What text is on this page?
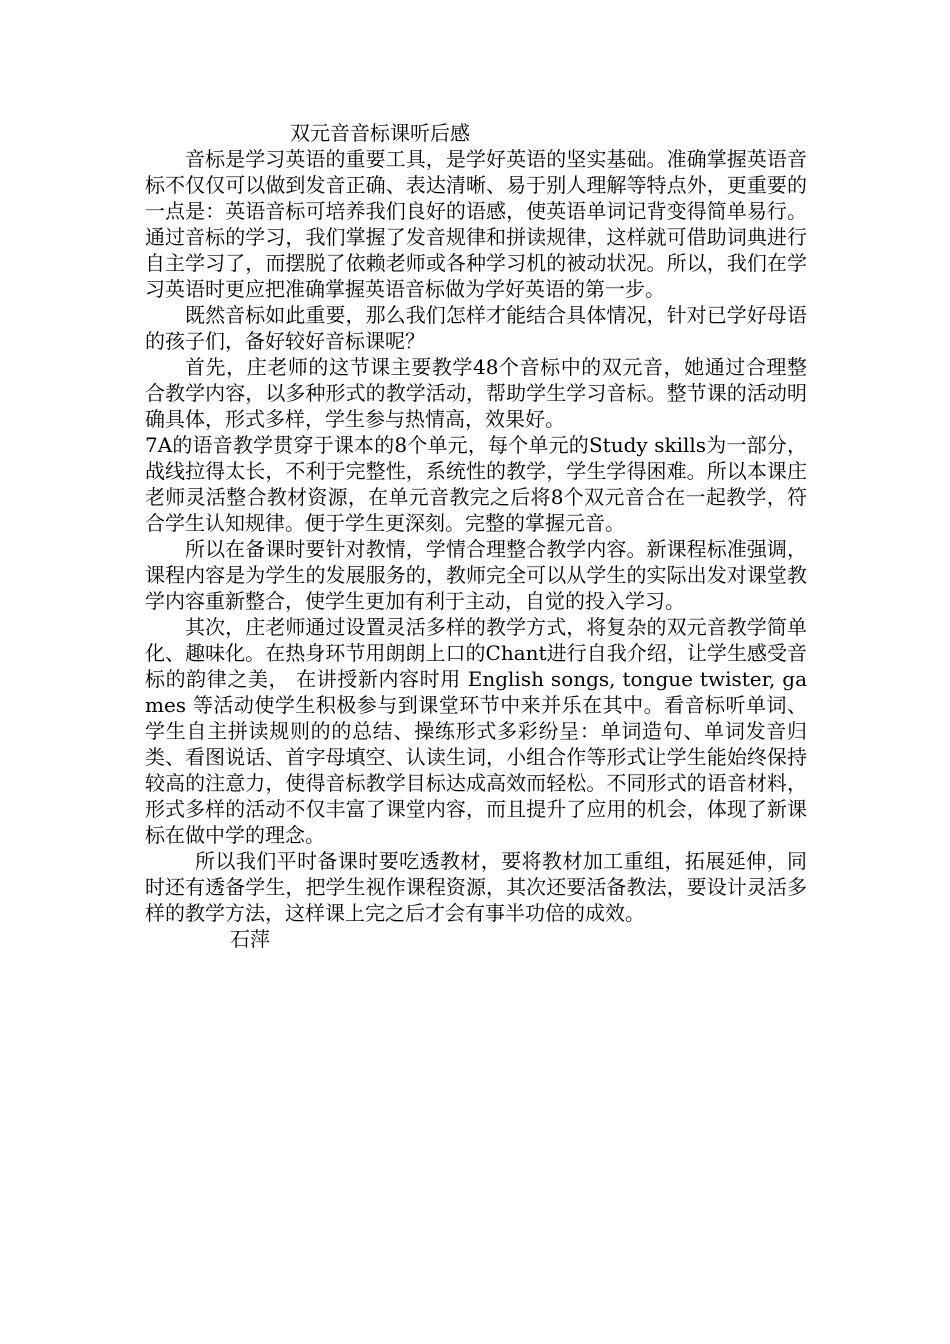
双元音音标课听后感

音标是学习英语的重要工具，是学好英语的坚实基础。准确掌握英语音标不仅仅可以做到发音正确、表达清晰、易于别人理解等特点外，更重要的一点是：英语音标可培养我们良好的语感，使英语单词记背变得简单易行。通过音标的学习，我们掌握了发音规律和拼读规律，这样就可借助词典进行自主学习了，而摆脱了依赖老师或各种学习机的被动状况。所以，我们在学习英语时更应把准确掌握英语音标做为学好英语的第一步。

既然音标如此重要，那么我们怎样才能结合具体情况，针对已学好母语的孩子们，备好较好音标课呢？

首先，庄老师的这节课主要教学48个音标中的双元音，她通过合理整合教学内容，以多种形式的教学活动，帮助学生学习音标。整节课的活动明确具体，形式多样，学生参与热情高，效果好。

7A的语音教学贯穿于课本的8个单元，每个单元的Study skills为一部分，战线拉得太长，不利于完整性，系统性的教学，学生学得困难。所以本课庄老师灵活整合教材资源，在单元音教完之后将8个双元音合在一起教学，符合学生认知规律。便于学生更深刻。完整的掌握元音。

所以在备课时要针对教情，学情合理整合教学内容。新课程标准强调，课程内容是为学生的发展服务的，教师完全可以从学生的实际出发对课堂教学内容重新整合，使学生更加有利于主动，自觉的投入学习。

其次，庄老师通过设置灵活多样的教学方式，将复杂的双元音教学简单化、趣味化。在热身环节用朗朗上口的Chant进行自我介绍，让学生感受音标的韵律之美， 在讲授新内容时用 English songs, tongue twister, games 等活动使学生积极参与到课堂环节中来并乐在其中。看音标听单词、学生自主拼读规则的的总结、操练形式多彩纷呈：单词造句、单词发音归类、看图说话、首字母填空、认读生词，小组合作等形式让学生能始终保持较高的注意力，使得音标教学目标达成高效而轻松。不同形式的语音材料，形式多样的活动不仅丰富了课堂内容，而且提升了应用的机会，体现了新课标在做中学的理念。

所以我们平时备课时要吃透教材，要将教材加工重组，拓展延伸，同时还有透备学生，把学生视作课程资源，其次还要活备教法，要设计灵活多样的教学方法，这样课上完之后才会有事半功倍的成效。

石萍
